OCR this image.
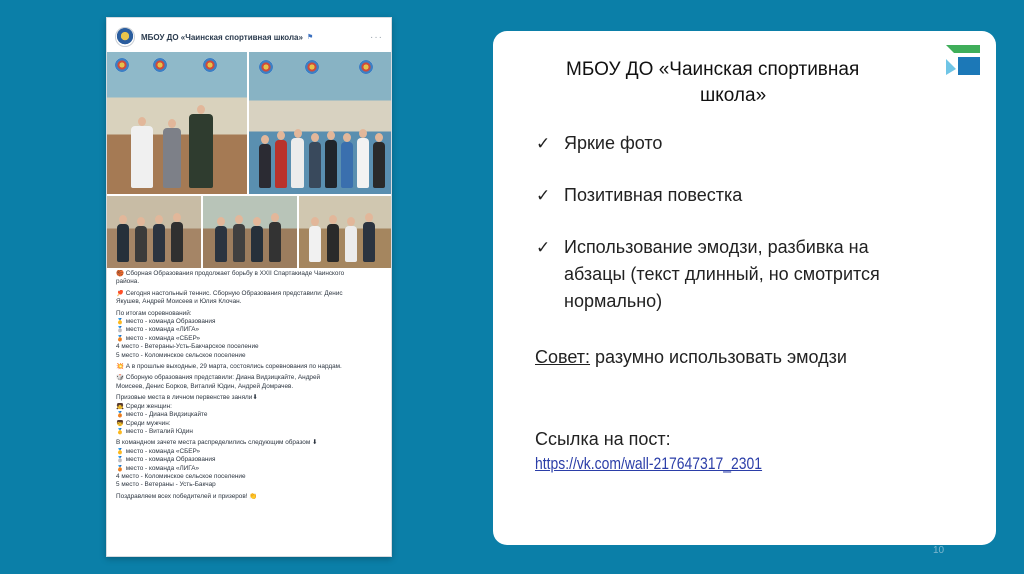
МБОУ ДО «Чаинская спортивная школа» ⚑	···

🏀 Сборная Образования продолжает борьбу в XXII Спартакиаде Чаинского

района.

🏓 Сегодня настольный теннис. Сборную Образования представили: Денис

Якушев, Андрей Моисеев и Юлия Клочан.

По итогам соревнований:

🥇 место - команда Образования

🥈 место - команда «ЛИГА»

🥉 место - команда «СБЕР»

4 место - Ветераны-Усть-Бакчарское поселение

5 место - Коломинское сельское поселение

💥 А в прошлые выходные, 29 марта, состоялись соревнования по нардам.

🎲 Сборную образования представили: Диана Видзицкайте, Андрей

Моисеев, Денис Борков, Виталий Юдин, Андрей Домрачев.

Призовые места в личном первенстве заняли⬇

👧 Среди женщин:

🥉 место - Диана Видзицкайте

👦 Среди мужчин:

🥇 место - Виталий Юдин

В командном зачете места распределились следующим образом ⬇

🥇 место - команда «СБЕР»

🥈 место - команда Образования

🥉 место - команда «ЛИГА»

4 место - Коломинское сельское поселение

5 место - Ветераны - Усть-Бакчар

Поздравляем всех победителей и призеров! 👏

МБОУ ДО «Чаинская спортивная
школа»
✓ Яркие фото
✓ Позитивная повестка
✓ Использование эмодзи, разбивка на
абзацы (текст длинный, но смотрится
нормально)
Совет: разумно использовать эмодзи
Ссылка на пост:
https://vk.com/wall-217647317_2301
10
